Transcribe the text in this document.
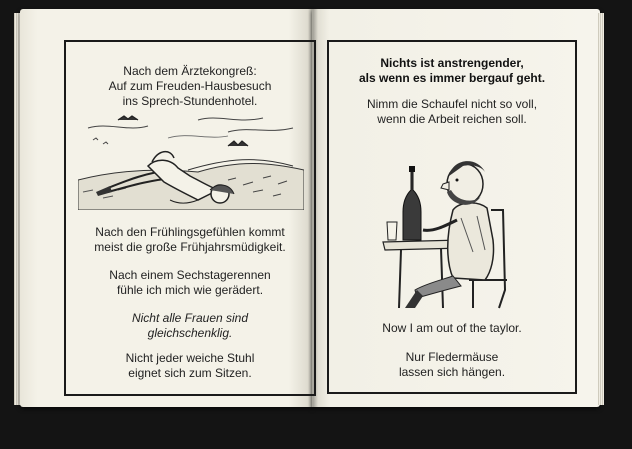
Nach dem Ärztekongreß:
Auf zum Freuden-Hausbesuch
ins Sprech-Stundenhotel.
Nach den Frühlingsgefühlen kommt
meist die große Frühjahrsmüdigkeit.
Nach einem Sechstagerennen
fühle ich mich wie gerädert.
Nicht alle Frauen sind
gleichschenklig.
Nicht jeder weiche Stuhl
eignet sich zum Sitzen.
Nichts ist anstrengender,
als wenn es immer bergauf geht.
Nimm die Schaufel nicht so voll,
wenn die Arbeit reichen soll.
Now I am out of the taylor.
Nur Fledermäuse
lassen sich hängen.
